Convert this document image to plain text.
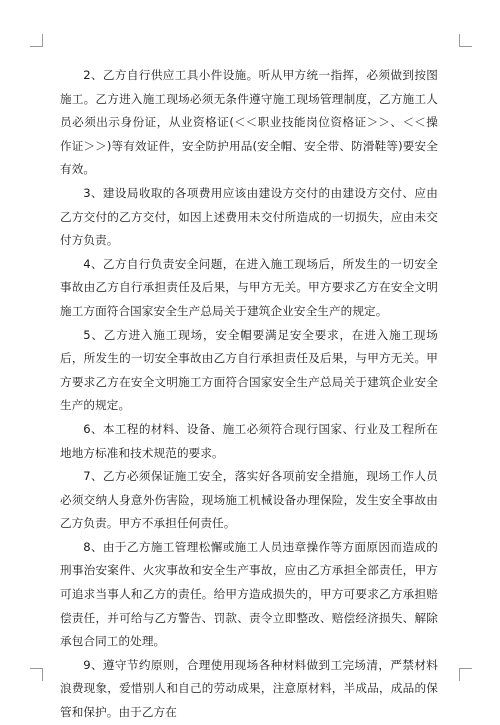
2、乙方自行供应工具小件设施。听从甲方统一指挥，必须做到按图施工。乙方进入施工现场必须无条件遵守施工现场管理制度，乙方施工人员必须出示身份证，从业资格证(＜＜职业技能岗位资格证＞＞、＜＜操作证＞＞)等有效证件，安全防护用品(安全帽、安全带、防滑鞋等)要安全有效。

3、建设局收取的各项费用应该由建设方交付的由建设方交付、应由乙方交付的乙方交付，如因上述费用未交付所造成的一切损失，应由未交付方负责。

4、乙方自行负责安全问题，在进入施工现场后，所发生的一切安全事故由乙方自行承担责任及后果，与甲方无关。甲方要求乙方在安全文明施工方面符合国家安全生产总局关于建筑企业安全生产的规定。

5、乙方进入施工现场，安全帽要满足安全要求，在进入施工现场后，所发生的一切安全事故由乙方自行承担责任及后果，与甲方无关。甲方要求乙方在安全文明施工方面符合国家安全生产总局关于建筑企业安全生产的规定。

6、本工程的材料、设备、施工必须符合现行国家、行业及工程所在地地方标准和技术规范的要求。

7、乙方必须保证施工安全，落实好各项前安全措施，现场工作人员必须交纳人身意外伤害险，现场施工机械设备办理保险，发生安全事故由乙方负责。甲方不承担任何责任。

8、由于乙方施工管理松懈或施工人员违章操作等方面原因而造成的刑事治安案件、火灾事故和安全生产事故，应由乙方承担全部责任，甲方可追求当事人和乙方的责任。给甲方造成损失的，甲方可要求乙方承担赔偿责任，并可给与乙方警告、罚款、责令立即整改、赔偿经济损失、解除承包合同工的处理。

9、遵守节约原则，合理使用现场各种材料做到工完场清，严禁材料浪费现象，爱惜别人和自己的劳动成果，注意原材料，半成品，成品的保管和保护。由于乙方在
